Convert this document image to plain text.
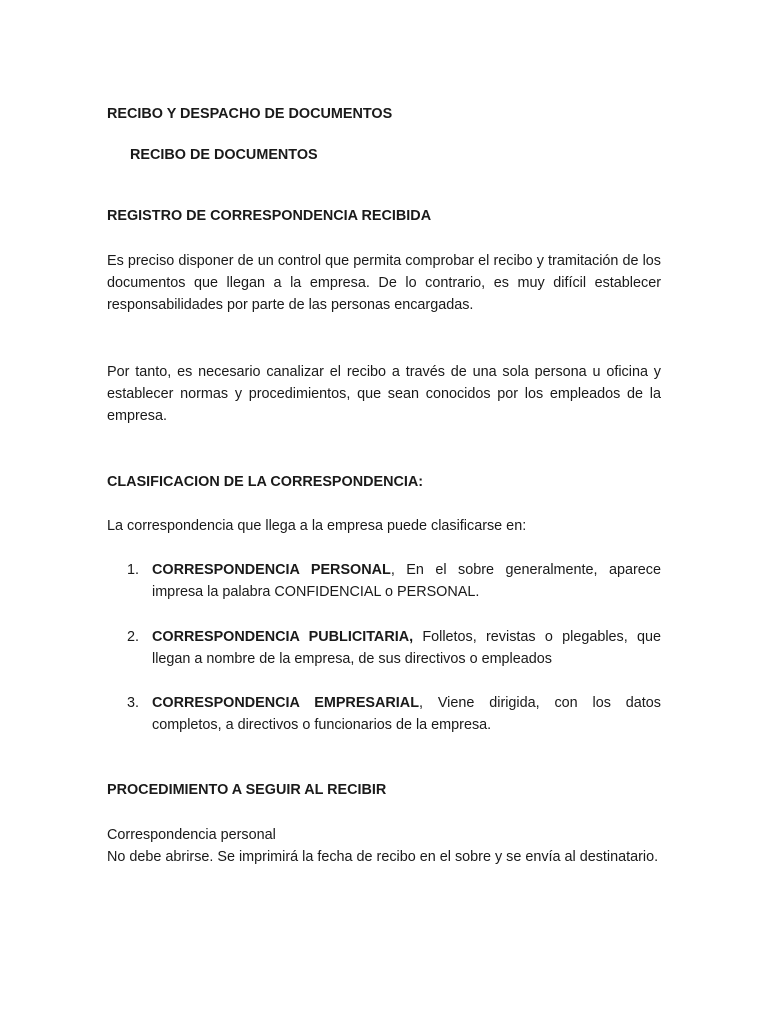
RECIBO Y DESPACHO DE DOCUMENTOS

RECIBO DE DOCUMENTOS

REGISTRO DE CORRESPONDENCIA RECIBIDA

Es preciso disponer de un control que permita comprobar el recibo y tramitación de los documentos que llegan a la empresa. De lo contrario, es muy difícil establecer responsabilidades por parte de las personas encargadas.

Por tanto, es necesario canalizar el recibo a través de una sola persona u oficina y establecer normas y procedimientos, que sean conocidos por los empleados de la empresa.

CLASIFICACION DE LA CORRESPONDENCIA:

La correspondencia que llega a la empresa puede clasificarse en:

1. CORRESPONDENCIA PERSONAL, En el sobre generalmente, aparece impresa la palabra CONFIDENCIAL o PERSONAL.
2. CORRESPONDENCIA PUBLICITARIA, Folletos, revistas o plegables, que llegan a nombre de la empresa, de sus directivos o empleados
3. CORRESPONDENCIA EMPRESARIAL, Viene dirigida, con los datos completos, a directivos o funcionarios de la empresa.

PROCEDIMIENTO A SEGUIR AL RECIBIR

Correspondencia personal

No debe abrirse. Se imprimirá la fecha de recibo en el sobre y se envía al destinatario.
